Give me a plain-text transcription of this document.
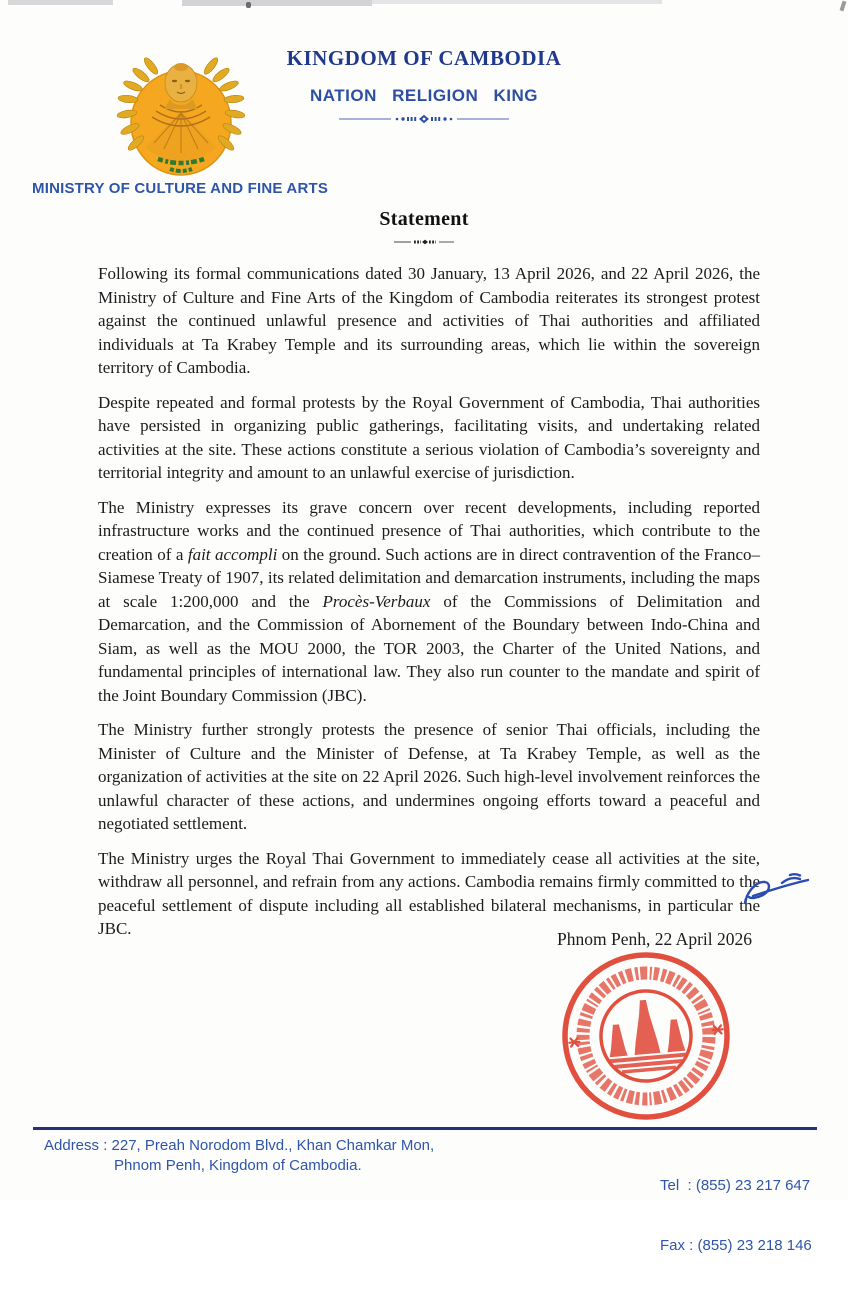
KINGDOM OF CAMBODIA
NATION RELIGION KING
MINISTRY OF CULTURE AND FINE ARTS
Statement

Following its formal communications dated 30 January, 13 April 2026, and 22 April 2026, the Ministry of Culture and Fine Arts of the Kingdom of Cambodia reiterates its strongest protest against the continued unlawful presence and activities of Thai authorities and affiliated individuals at Ta Krabey Temple and its surrounding areas, which lie within the sovereign territory of Cambodia.

Despite repeated and formal protests by the Royal Government of Cambodia, Thai authorities have persisted in organizing public gatherings, facilitating visits, and undertaking related activities at the site. These actions constitute a serious violation of Cambodia’s sovereignty and territorial integrity and amount to an unlawful exercise of jurisdiction.

The Ministry expresses its grave concern over recent developments, including reported infrastructure works and the continued presence of Thai authorities, which contribute to the creation of a fait accompli on the ground. Such actions are in direct contravention of the Franco–Siamese Treaty of 1907, its related delimitation and demarcation instruments, including the maps at scale 1:200,000 and the Procès-Verbaux of the Commissions of Delimitation and Demarcation, and the Commission of Abornement of the Boundary between Indo-China and Siam, as well as the MOU 2000, the TOR 2003, the Charter of the United Nations, and fundamental principles of international law. They also run counter to the mandate and spirit of the Joint Boundary Commission (JBC).

The Ministry further strongly protests the presence of senior Thai officials, including the Minister of Culture and the Minister of Defense, at Ta Krabey Temple, as well as the organization of activities at the site on 22 April 2026. Such high-level involvement reinforces the unlawful character of these actions, and undermines ongoing efforts toward a peaceful and negotiated settlement.

The Ministry urges the Royal Thai Government to immediately cease all activities at the site, withdraw all personnel, and refrain from any actions. Cambodia remains firmly committed to the peaceful settlement of dispute including all established bilateral mechanisms, in particular the JBC.

Phnom Penh, 22 April 2026
Address : 227, Preah Norodom Blvd., Khan Chamkar Mon,
Phnom Penh, Kingdom of Cambodia.

Tel  : (855) 23 217 647

Fax : (855) 23 218 146
